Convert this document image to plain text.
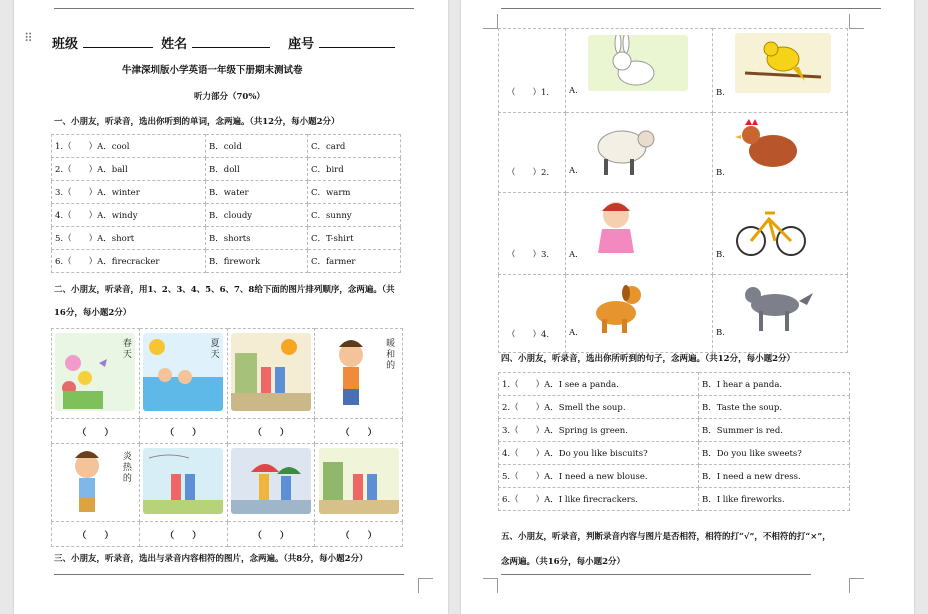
⠿ 班级	姓名	座号
牛津深圳版小学英语一年级下册期末测试卷
听力部分（70%）
一、小朋友，听录音，选出你听到的单词，念两遍。（共12分，每小题2分）
1.（　　）A．cool	B．cold	C．card
2.（　　）A．ball	B．doll	C．bird
3.（　　）A．winter	B．water	C．warm
4.（　　）A．windy	B．cloudy	C．sunny
5.（　　）A．short	B．shorts	C．T-shirt
6.（　　）A．firecracker	B．firework	C．farmer
二、小朋友，听录音，用1、2、3、4、5、6、7、8给下面的图片排列顺序，念两遍。（共
16分，每小题2分）
春天	夏天		暖和的

（　　）	（　　）	（　　）	（　　）

炎热的

（　　）	（　　）	（　　）	（　　）
三、小朋友，听录音，选出与录音内容相符的图片，念两遍。（共8分，每小题2分）
（　　）1.	A.	B.

（　　）2.	A.	B.

（　　）3.	A.	B.

（　　）4.	A.	B.
四、小朋友，听录音，选出你所听到的句子，念两遍。（共12分，每小题2分）
1.（　　）A．I see a panda.	B．I hear a panda.
2.（　　）A．Smell the soup.	B．Taste the soup.
3.（　　）A．Spring is green.	B．Summer is red.
4.（　　）A．Do you like biscuits?	B．Do you like sweets?
5.（　　）A．I need a new blouse.	B．I need a new dress.
6.（　　）A．I like firecrackers.	B．I like fireworks.
五、小朋友，听录音，判断录音内容与图片是否相符，相符的打“√”，不相符的打“×”，
念两遍。（共16分，每小题2分）
